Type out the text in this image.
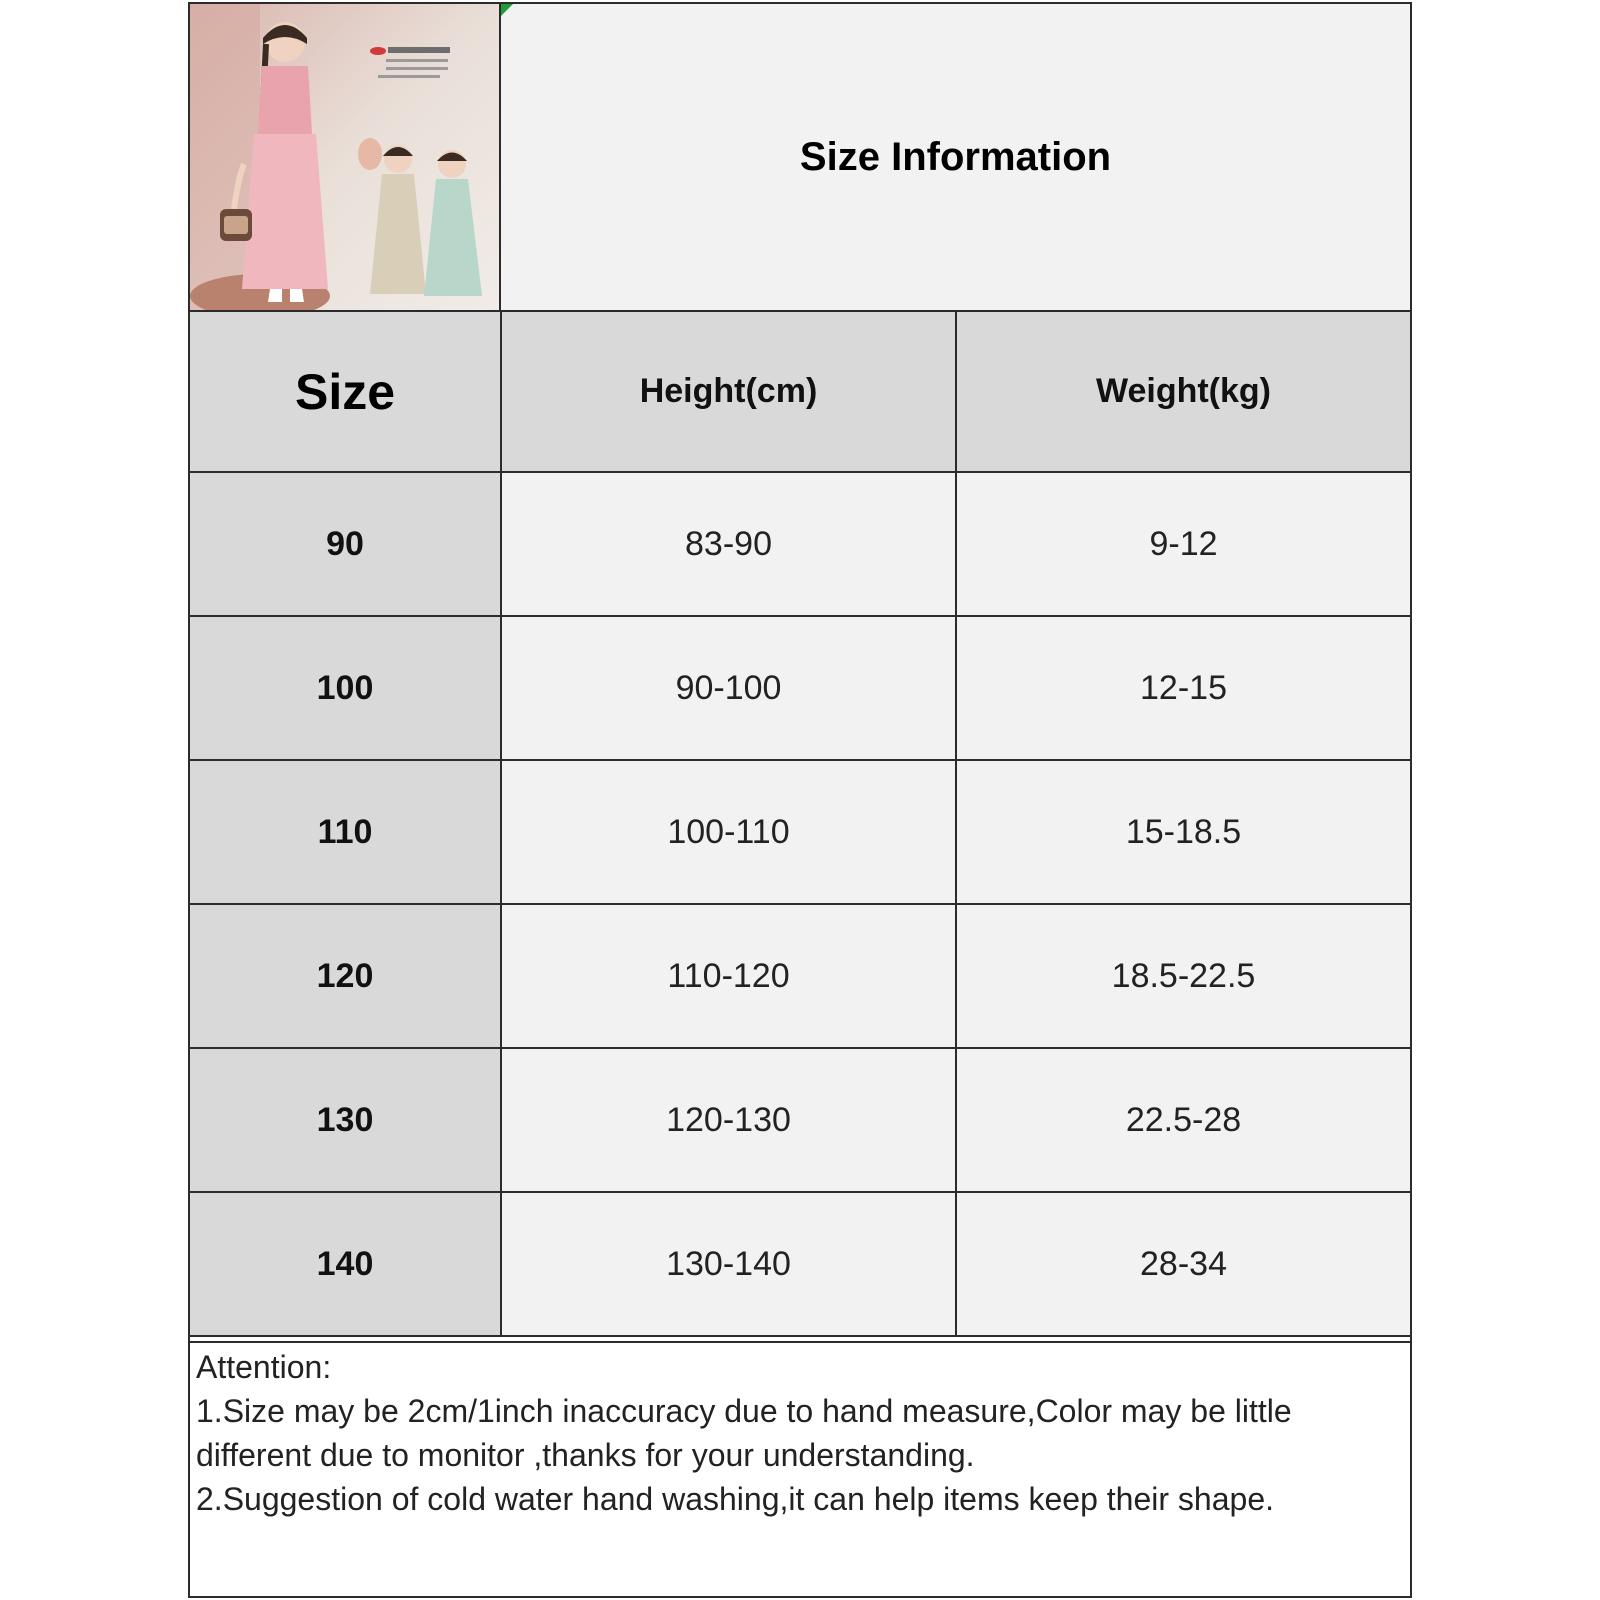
Size Information
Size	Height(cm)	Weight(kg)
90	83-90	9-12
100	90-100	12-15
110	100-110	15-18.5
120	110-120	18.5-22.5
130	120-130	22.5-28
140	130-140	28-34

Attention:

1.Size may be 2cm/1inch inaccuracy due to hand measure,Color may be little different due to monitor ,thanks for your understanding.

2.Suggestion of cold water hand washing,it can help items keep their shape.
